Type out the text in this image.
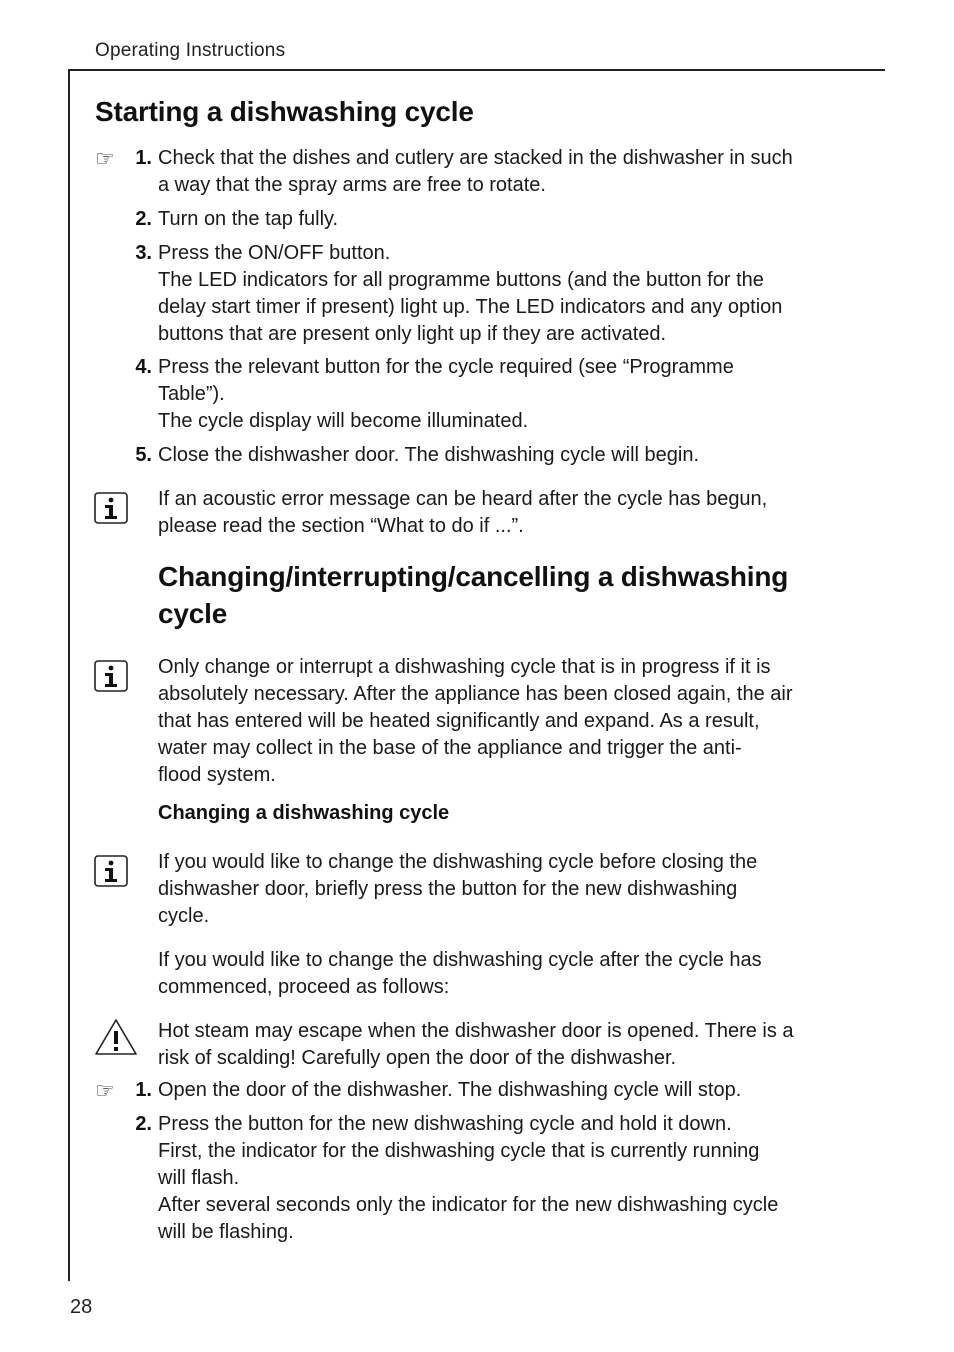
Operating Instructions
28
Starting a dishwashing cycle
☞	1. Check that the dishes and cutlery are stacked in the dishwasher in such
a way that the spray arms are free to rotate.
2. Turn on the tap fully.
3. Press the ON/OFF button.
The LED indicators for all programme buttons (and the button for the
delay start timer if present) light up. The LED indicators and any option
buttons that are present only light up if they are activated.
4. Press the relevant button for the cycle required (see “Programme
Table”).
The cycle display will become illuminated.
5. Close the dishwasher door. The dishwashing cycle will begin.
If an acoustic error message can be heard after the cycle has begun,
please read the section “What to do if ...”.
Changing/interrupting/cancelling a dishwashing
cycle
Only change or interrupt a dishwashing cycle that is in progress if it is
absolutely necessary. After the appliance has been closed again, the air
that has entered will be heated significantly and expand. As a result,
water may collect in the base of the appliance and trigger the anti-
flood system.
Changing a dishwashing cycle
If you would like to change the dishwashing cycle before closing the
dishwasher door, briefly press the button for the new dishwashing
cycle.
If you would like to change the dishwashing cycle after the cycle has
commenced, proceed as follows:
Hot steam may escape when the dishwasher door is opened. There is a
risk of scalding! Carefully open the door of the dishwasher.
☞	1. Open the door of the dishwasher. The dishwashing cycle will stop.
2. Press the button for the new dishwashing cycle and hold it down.
First, the indicator for the dishwashing cycle that is currently running
will flash.
After several seconds only the indicator for the new dishwashing cycle
will be flashing.
